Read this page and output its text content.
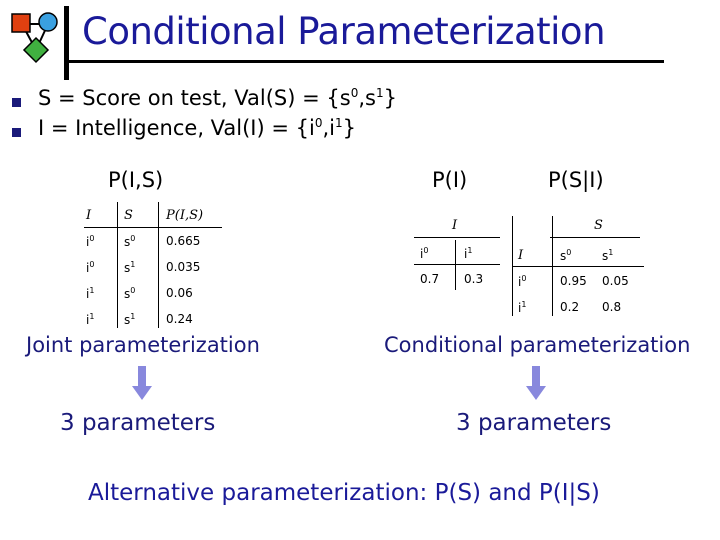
Conditional Parameterization
S = Score on test, $Val(S) = \{s^0,s^1\}$
I = Intelligence, $Val(I) = \{i^0,i^1\}$
P(I,S)
I	S	P(I,S)
$i^0$	$s^0$	0.665
$i^0$	$s^1$	0.035
$i^1$	$s^0$	0.06
$i^1$	$s^1$	0.24
Joint parameterization
3 parameters
P(I)
I
$i^0$	$i^1$
0.7	0.3
P(S|I)
S
I	$s^0$	$s^1$
$i^0$	0.95	0.05
$i^1$	0.2	0.8
Conditional parameterization
3 parameters
Alternative parameterization: P(S) and P(I|S)
